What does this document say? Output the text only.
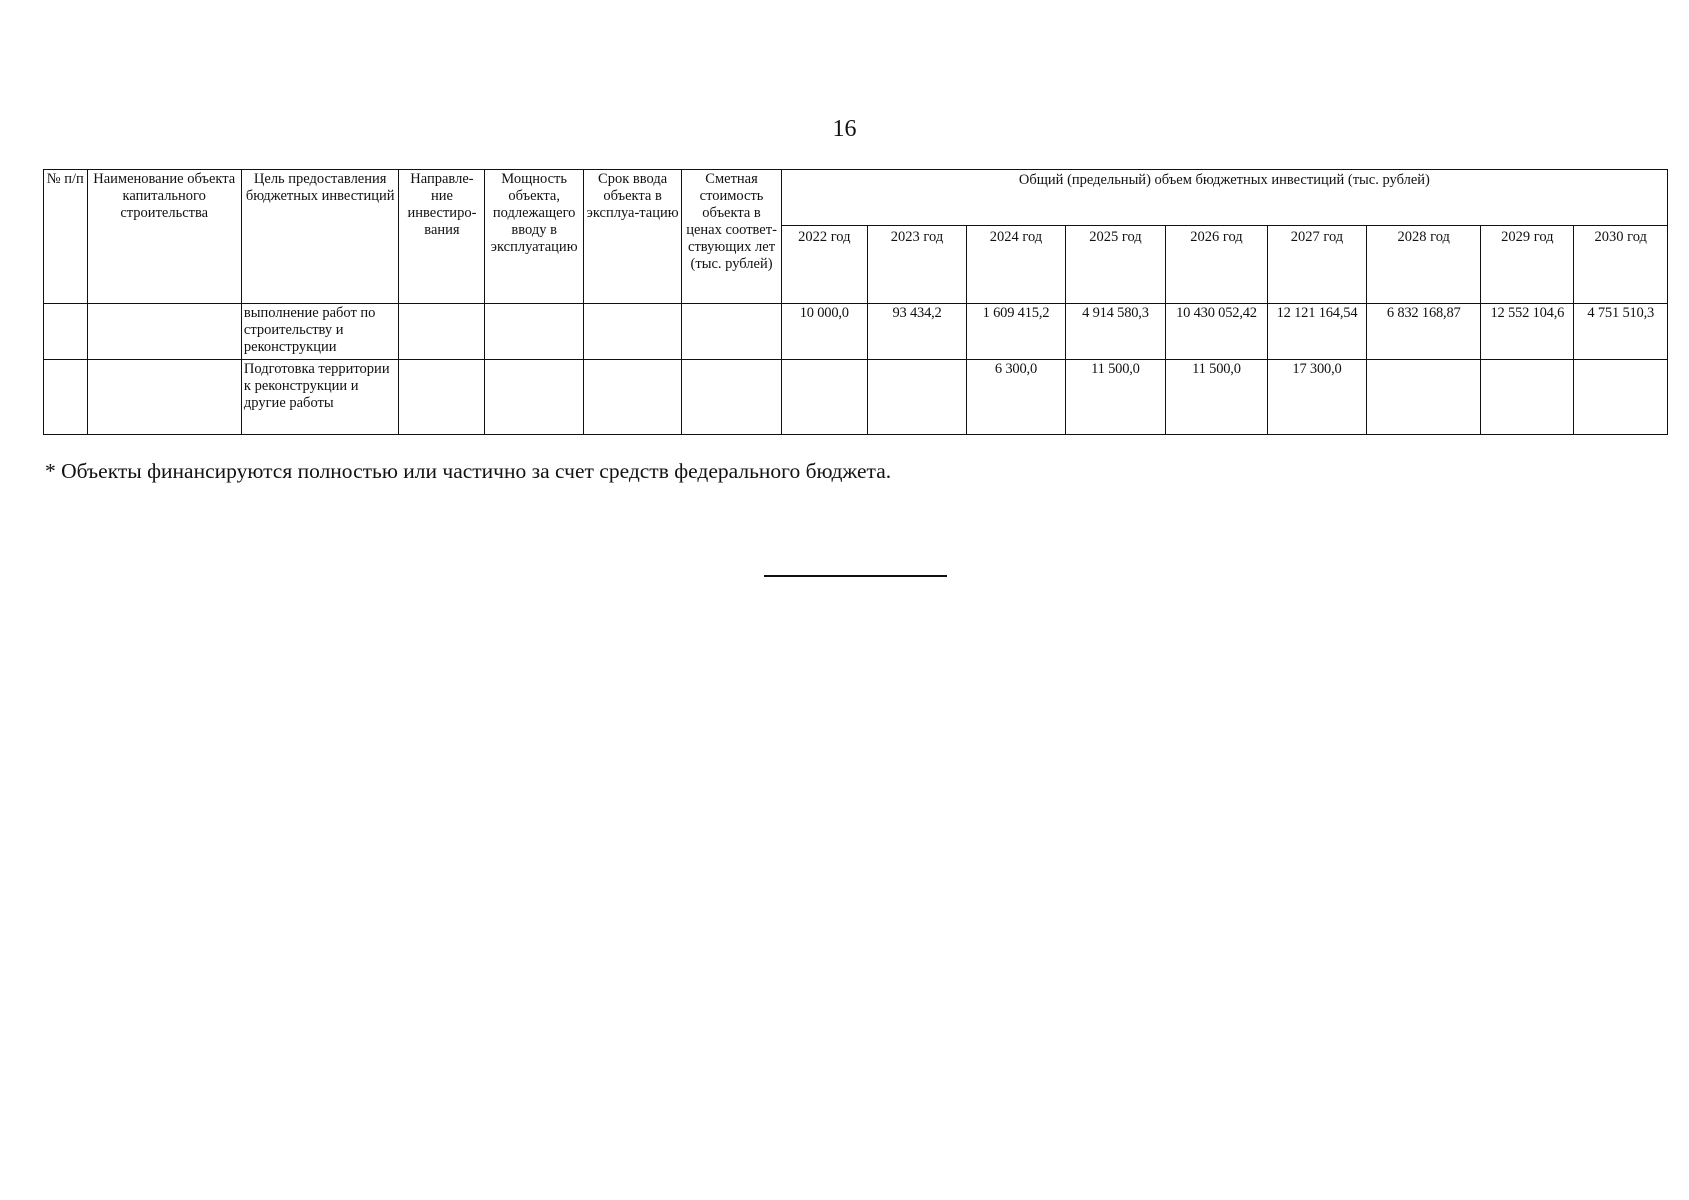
16
№ п/п	Наименование объекта капитального строительства	Цель предоставления бюджетных инвестиций	Направле-ние инвестиро-вания	Мощность объекта, подлежащего вводу в эксплуатацию	Срок ввода объекта в эксплуа-тацию	Сметная стоимость объекта в ценах соответ-ствующих лет (тыс. рублей)	Общий (предельный) объем бюджетных инвестиций (тыс. рублей)								
							2022 год	2023 год	2024 год	2025 год	2026 год	2027 год	2028 год	2029 год	2030 год
		выполнение работ по строительству и реконструкции					10 000,0	93 434,2	1 609 415,2	4 914 580,3	10 430 052,42	12 121 164,54	6 832 168,87	12 552 104,6	4 751 510,3
		Подготовка территории к реконструкции и другие работы							6 300,0	11 500,0	11 500,0	17 300,0			
* Объекты финансируются полностью или частично за счет средств федерального бюджета.
